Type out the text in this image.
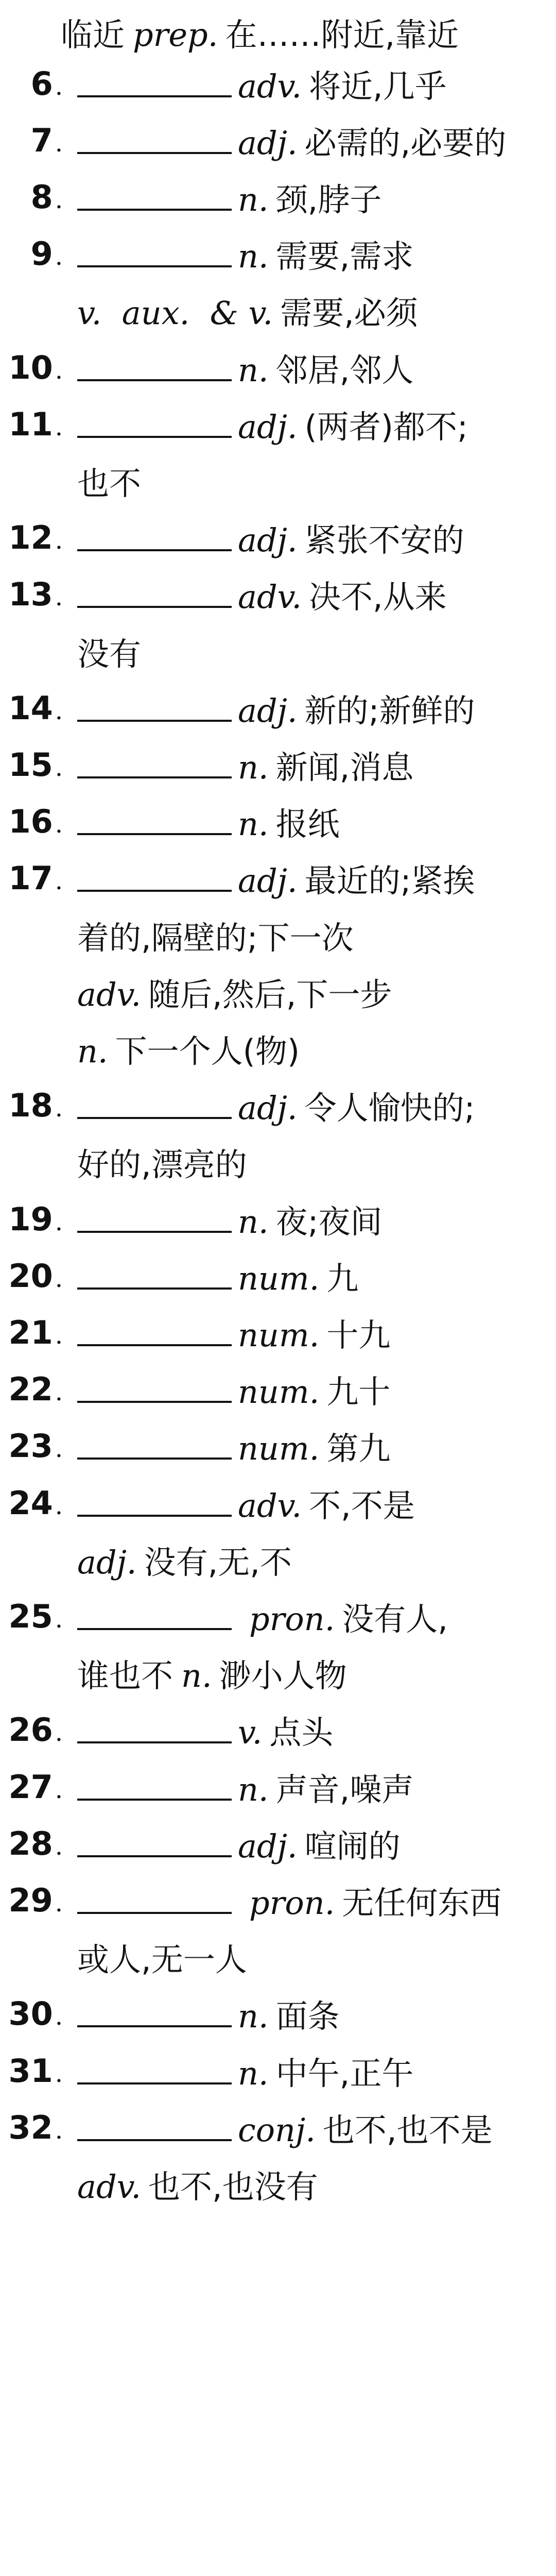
临近 prep. 在……附近,靠近
6.	adv. 将近,几乎
7.	adj. 必需的,必要的
8.	n. 颈,脖子
9.	n. 需要,需求
v.  aux.  & v. 需要,必须
10.	n. 邻居,邻人
11.	adj. (两者)都不;
也不
12.	adj. 紧张不安的
13.	adv. 决不,从来
没有
14.	adj. 新的;新鲜的
15.	n. 新闻,消息
16.	n. 报纸
17.	adj. 最近的;紧挨
着的,隔壁的;下一次
adv. 随后,然后,下一步
n. 下一个人(物)
18.	adj. 令人愉快的;
好的,漂亮的
19.	n. 夜;夜间
20.	num. 九
21.	num. 十九
22.	num. 九十
23.	num. 第九
24.	adv. 不,不是
adj. 没有,无,不
25.	pron. 没有人,
谁也不 n. 渺小人物
26.	v. 点头
27.	n. 声音,噪声
28.	adj. 喧闹的
29.	pron. 无任何东西
或人,无一人
30.	n. 面条
31.	n. 中午,正午
32.	conj. 也不,也不是
adv. 也不,也没有
